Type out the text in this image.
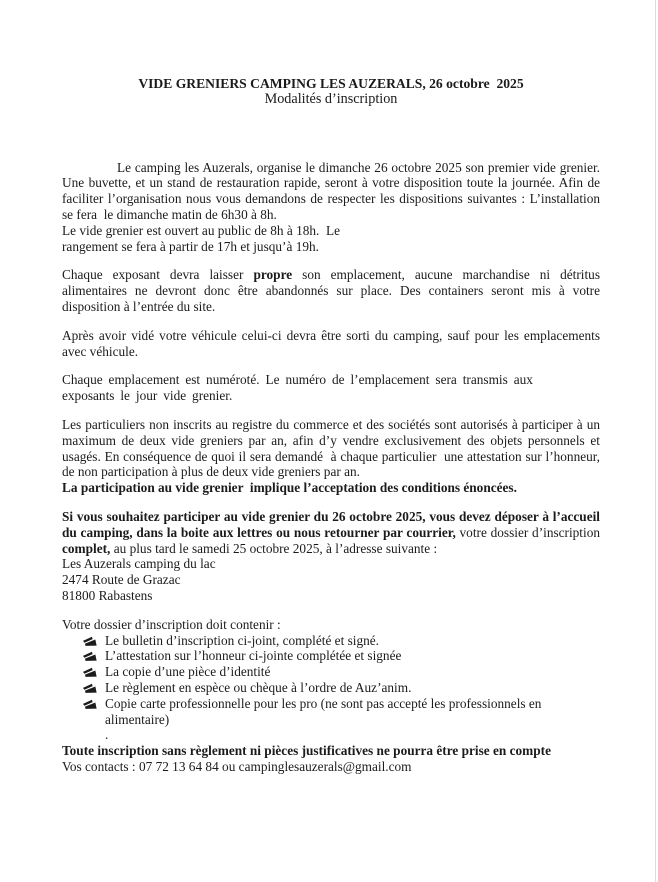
VIDE GRENIERS CAMPING LES AUZERALS, 26 octobre  2025
Modalités d’inscription
Le camping les Auzerals, organise le dimanche 26 octobre 2025 son premier vide grenier. Une buvette, et un stand de restauration rapide, seront à votre disposition toute la journée. Afin de faciliter l’organisation nous vous demandons de respecter les dispositions suivantes : L’installation se fera  le dimanche matin de 6h30 à 8h.
Le vide grenier est ouvert au public de 8h à 18h.  Le
rangement se fera à partir de 17h et jusqu’à 19h.
Chaque exposant devra laisser propre son emplacement, aucune marchandise ni détritus alimentaires ne devront donc être abandonnés sur place. Des containers seront mis à votre disposition à l’entrée du site.
Après avoir vidé votre véhicule celui-ci devra être sorti du camping, sauf pour les emplacements avec véhicule.
Chaque emplacement est numéroté. Le numéro de l’emplacement sera transmis aux
exposants le jour vide grenier.
Les particuliers non inscrits au registre du commerce et des sociétés sont autorisés à participer à un maximum de deux vide greniers par an, afin d’y vendre exclusivement des objets personnels et usagés. En conséquence de quoi il sera demandé  à chaque particulier  une attestation sur l’honneur, de non participation à plus de deux vide greniers par an.
La participation au vide grenier  implique l’acceptation des conditions énoncées.
Si vous souhaitez participer au vide grenier du 26 octobre 2025, vous devez déposer à l’accueil du camping, dans la boite aux lettres ou nous retourner par courrier, votre dossier d’inscription complet, au plus tard le samedi 25 octobre 2025, à l’adresse suivante :
Les Auzerals camping du lac
2474 Route de Grazac
81800 Rabastens
Votre dossier d’inscription doit contenir :
Le bulletin d’inscription ci-joint, complété et signé.
L’attestation sur l’honneur ci-jointe complétée et signée
La copie d’une pièce d’identité
Le règlement en espèce ou chèque à l’ordre de Auz’anim.
Copie carte professionnelle pour les pro (ne sont pas accepté les professionnels en alimentaire)
.
Toute inscription sans règlement ni pièces justificatives ne pourra être prise en compte
Vos contacts : 07 72 13 64 84 ou campinglesauzerals@gmail.com
